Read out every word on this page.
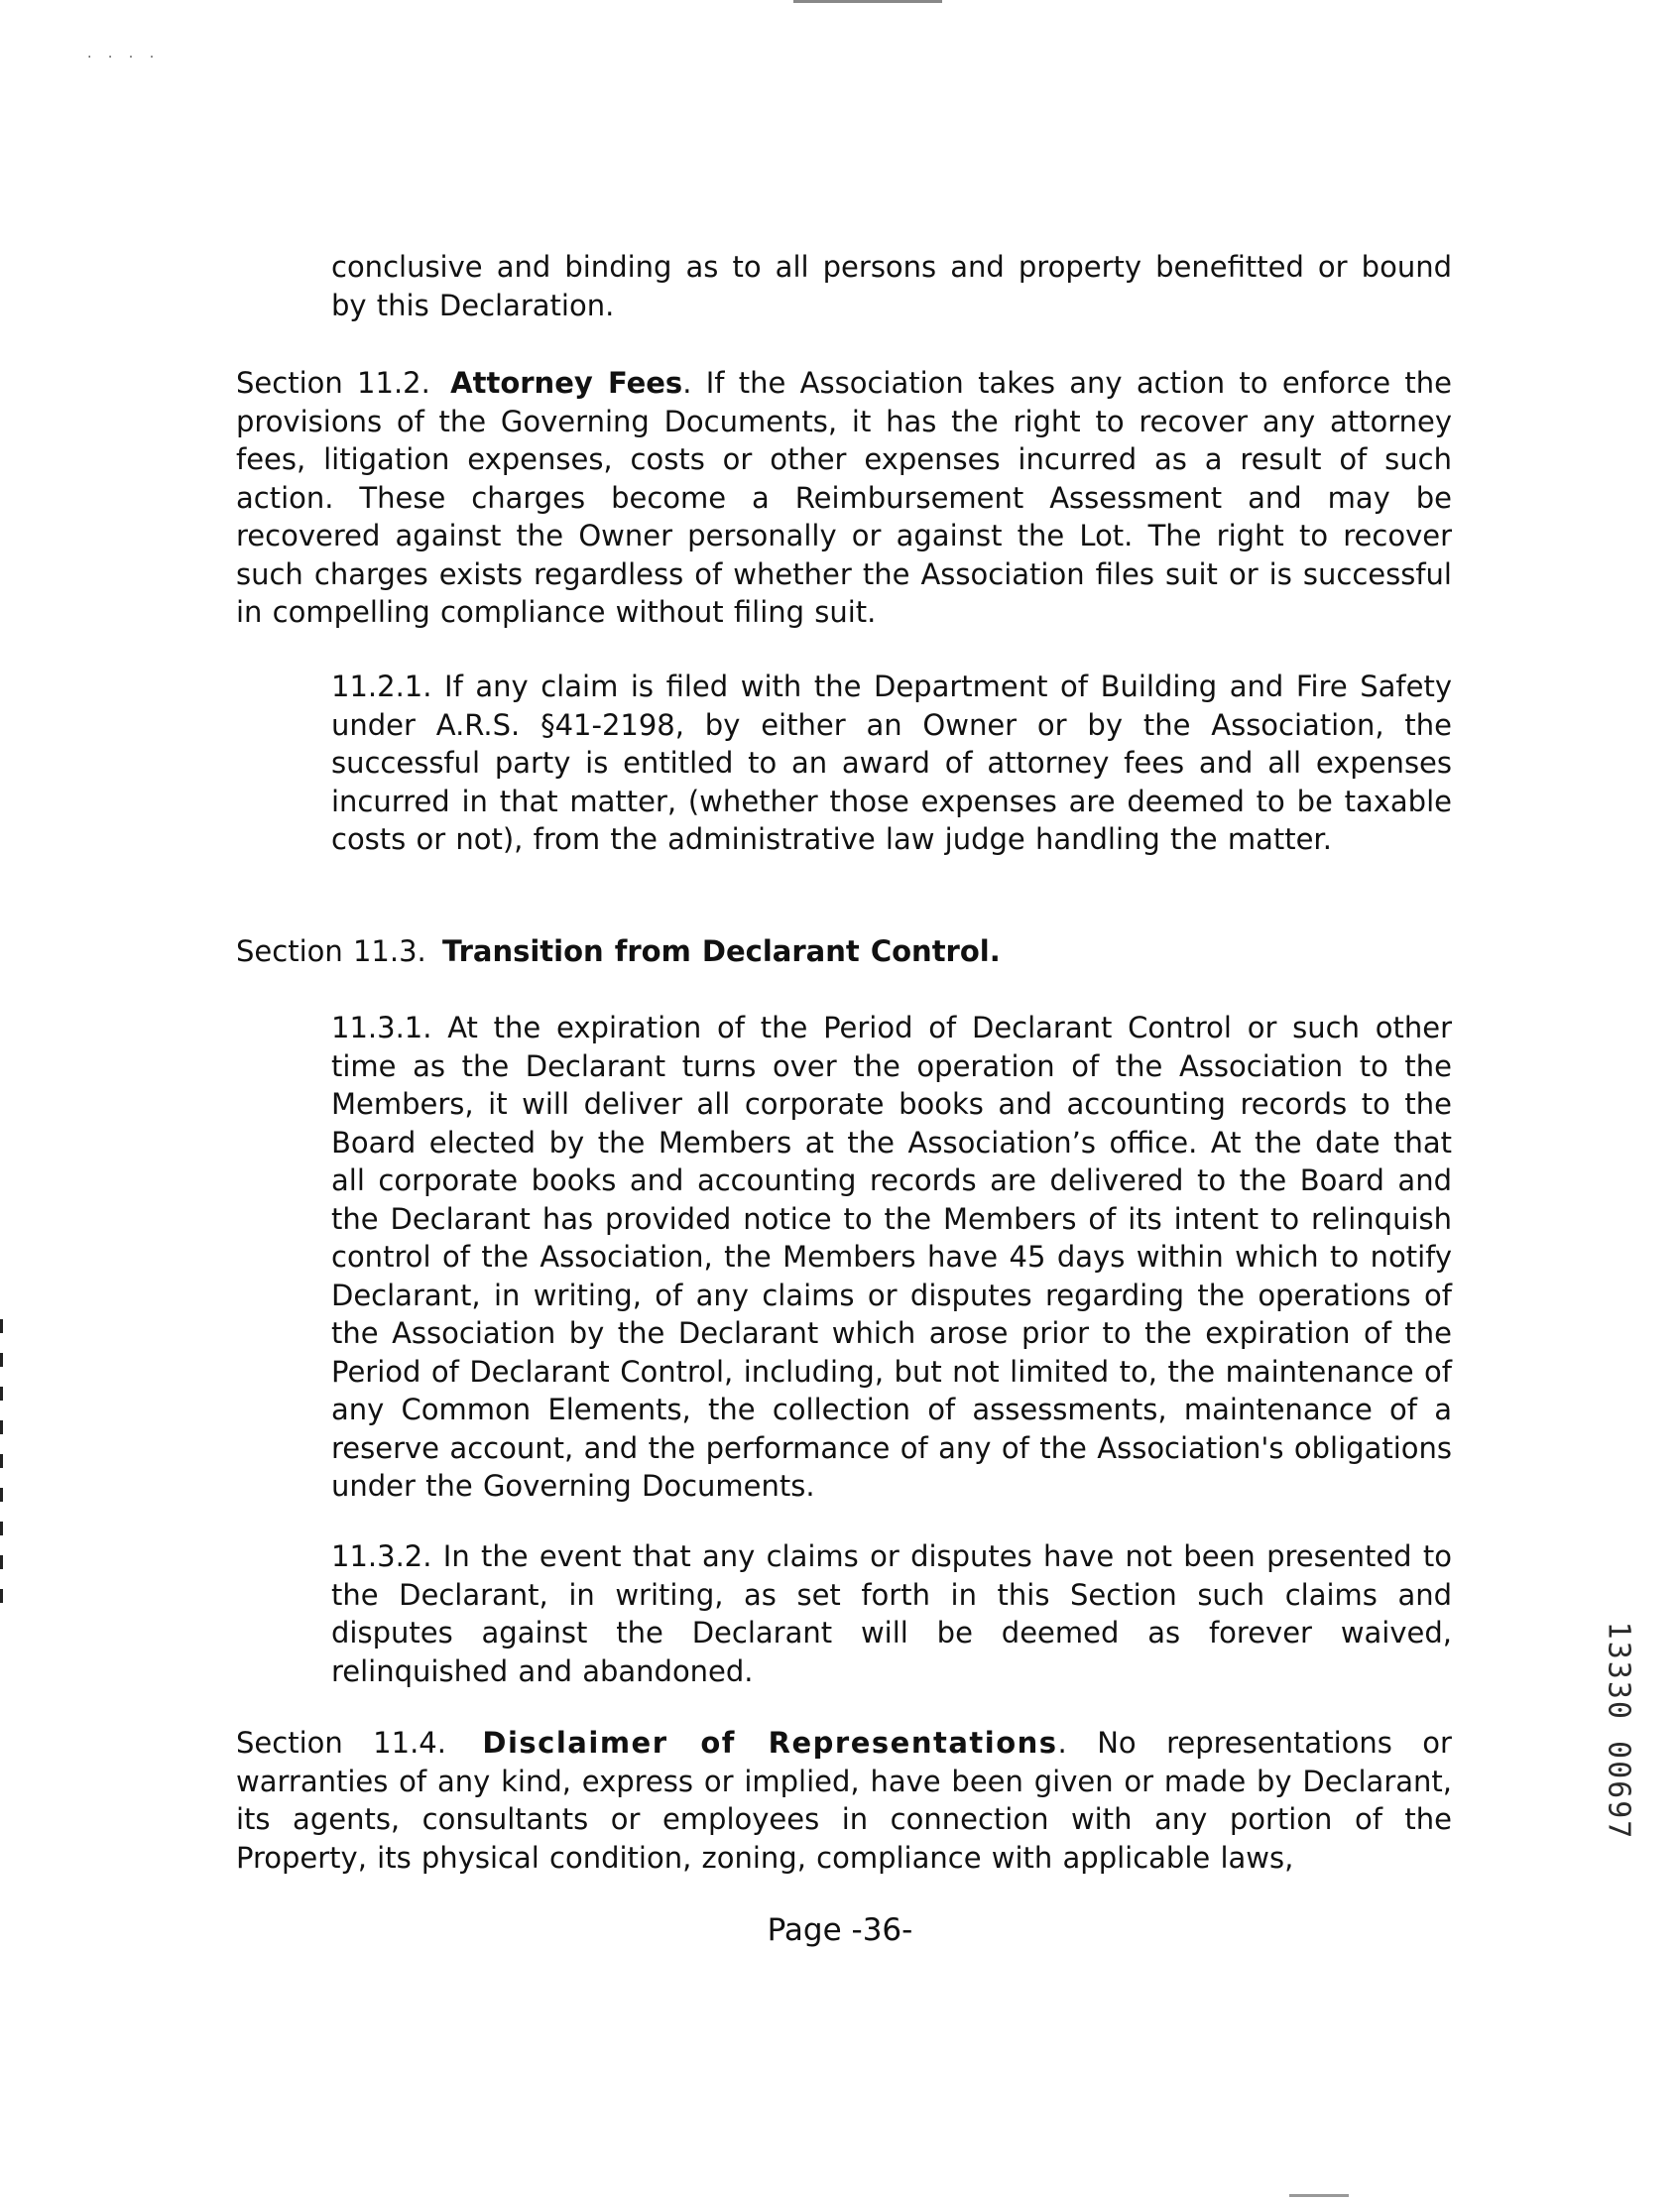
· · · ·
conclusive and binding as to all persons and property benefitted or bound by this Declaration.
Section 11.2. Attorney Fees. If the Association takes any action to enforce the provisions of the Governing Documents, it has the right to recover any attorney fees, litigation expenses, costs or other expenses incurred as a result of such action. These charges become a Reimbursement Assessment and may be recovered against the Owner personally or against the Lot. The right to recover such charges exists regardless of whether the Association files suit or is successful in compelling compliance without filing suit.
11.2.1. If any claim is filed with the Department of Building and Fire Safety under A.R.S. §41-2198, by either an Owner or by the Association, the successful party is entitled to an award of attorney fees and all expenses incurred in that matter, (whether those expenses are deemed to be taxable costs or not), from the administrative law judge handling the matter.
Section 11.3. Transition from Declarant Control.
11.3.1. At the expiration of the Period of Declarant Control or such other time as the Declarant turns over the operation of the Association to the Members, it will deliver all corporate books and accounting records to the Board elected by the Members at the Association’s office. At the date that all corporate books and accounting records are delivered to the Board and the Declarant has provided notice to the Members of its intent to relinquish control of the Association, the Members have 45 days within which to notify Declarant, in writing, of any claims or disputes regarding the operations of the Association by the Declarant which arose prior to the expiration of the Period of Declarant Control, including, but not limited to, the maintenance of any Common Elements, the collection of assessments, maintenance of a reserve account, and the performance of any of the Association's obligations under the Governing Documents.
11.3.2. In the event that any claims or disputes have not been presented to the Declarant, in writing, as set forth in this Section such claims and disputes against the Declarant will be deemed as forever waived, relinquished and abandoned.
Section 11.4. Disclaimer of Representations. No representations or warranties of any kind, express or implied, have been given or made by Declarant, its agents, consultants or employees in connection with any portion of the Property, its physical condition, zoning, compliance with applicable laws,
Page -36-
13330 00697
